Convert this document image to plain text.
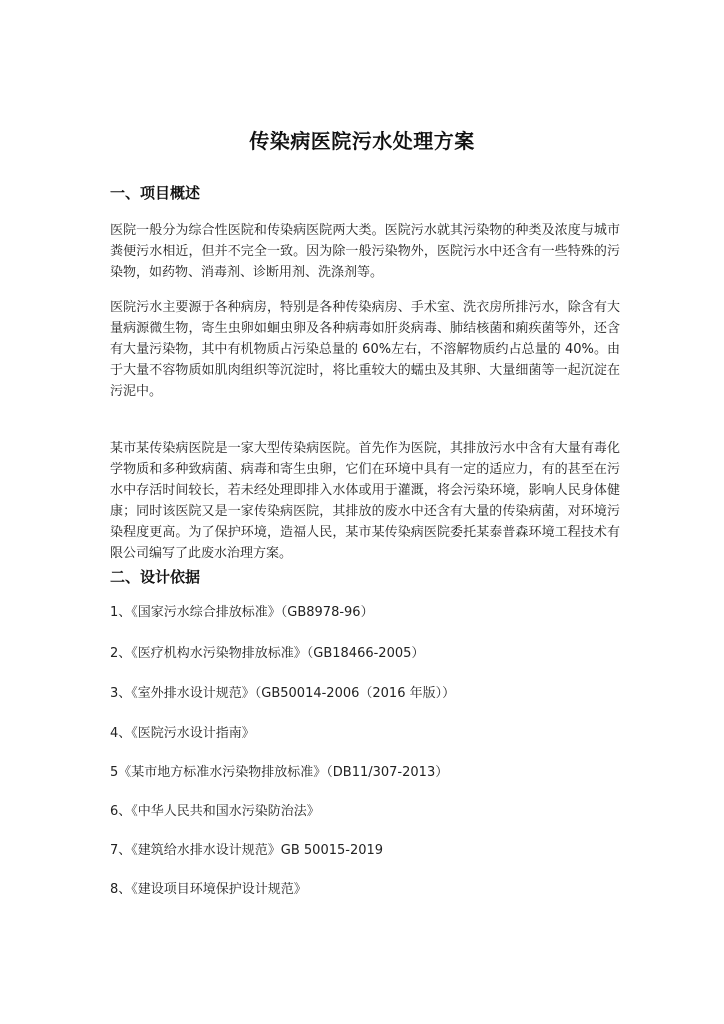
传染病医院污水处理方案
一、项目概述
医院一般分为综合性医院和传染病医院两大类。医院污水就其污染物的种类及浓度与城市粪便污水相近，但并不完全一致。因为除一般污染物外，医院污水中还含有一些特殊的污染物，如药物、消毒剂、诊断用剂、洗涤剂等。
医院污水主要源于各种病房，特别是各种传染病房、手术室、洗衣房所排污水，除含有大量病源微生物，寄生虫卵如蛔虫卵及各种病毒如肝炎病毒、肺结核菌和痢疾菌等外，还含有大量污染物，其中有机物质占污染总量的 60%左右，不溶解物质约占总量的 40%。由于大量不容物质如肌肉组织等沉淀时，将比重较大的蠕虫及其卵、大量细菌等一起沉淀在污泥中。
某市某传染病医院是一家大型传染病医院。首先作为医院，其排放污水中含有大量有毒化学物质和多种致病菌、病毒和寄生虫卵，它们在环境中具有一定的适应力，有的甚至在污水中存活时间较长，若未经处理即排入水体或用于灌溉，将会污染环境，影响人民身体健康；同时该医院又是一家传染病医院，其排放的废水中还含有大量的传染病菌，对环境污染程度更高。为了保护环境，造福人民，某市某传染病医院委托某泰普森环境工程技术有限公司编写了此废水治理方案。
二、设计依据
1、《国家污水综合排放标准》（GB8978-96）
2、《医疗机构水污染物排放标准》（GB18466-2005）
3、《室外排水设计规范》（GB50014-2006（2016 年版））
4、《医院污水设计指南》
5《某市地方标准水污染物排放标准》（DB11/307-2013）
6、《中华人民共和国水污染防治法》
7、《建筑给水排水设计规范》GB 50015-2019
8、《建设项目环境保护设计规范》
